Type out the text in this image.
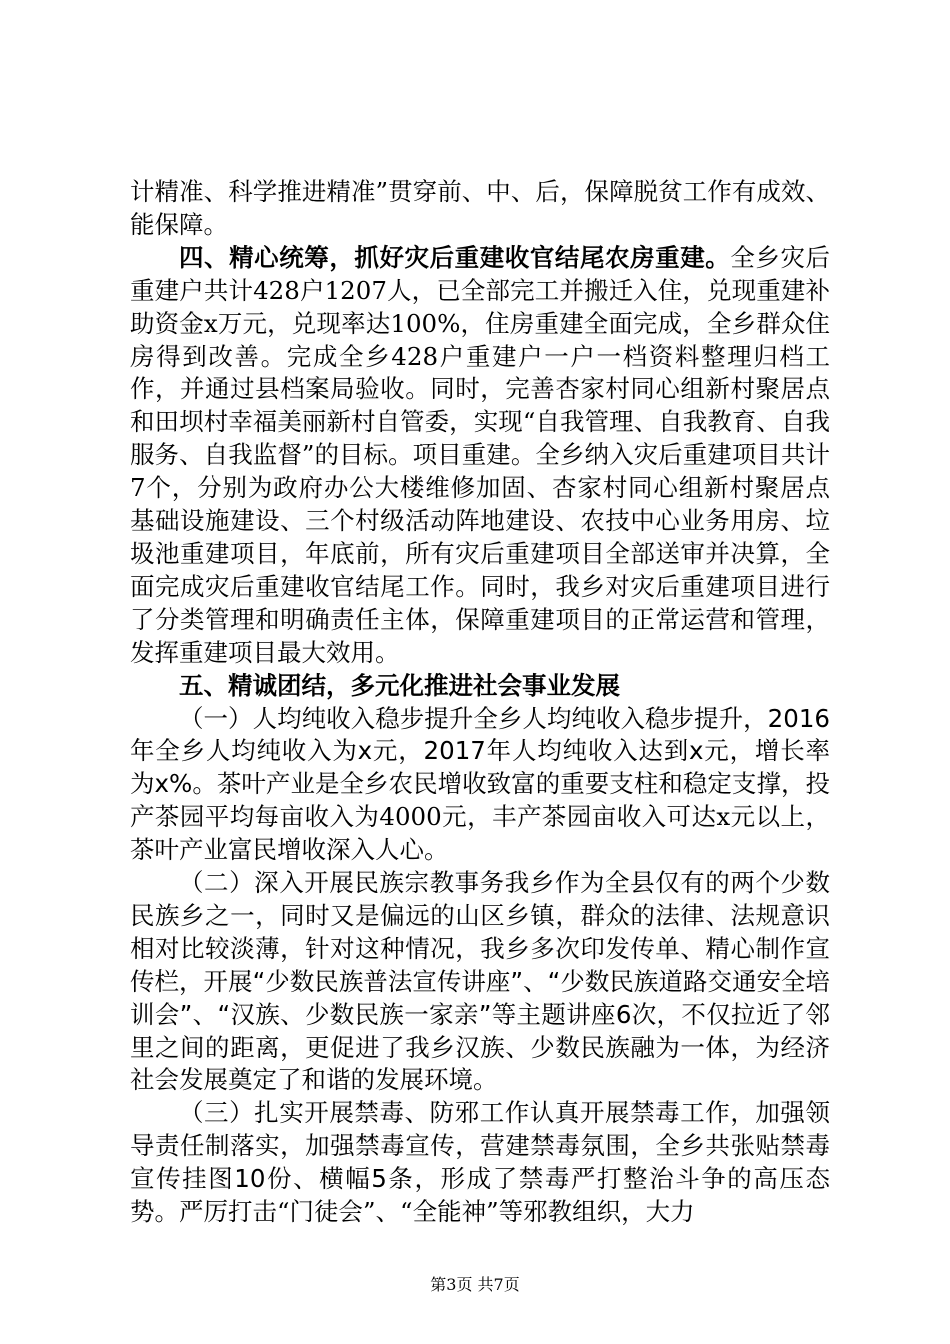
计精准、科学推进精准”贯穿前、中、后，保障脱贫工作有成效、能保障。

四、精心统筹，抓好灾后重建收官结尾农房重建。全乡灾后重建户共计428户1207人，已全部完工并搬迁入住，兑现重建补助资金x万元，兑现率达100%，住房重建全面完成，全乡群众住房得到改善。完成全乡428户重建户一户一档资料整理归档工作，并通过县档案局验收。同时，完善杏家村同心组新村聚居点和田坝村幸福美丽新村自管委，实现“自我管理、自我教育、自我服务、自我监督”的目标。项目重建。全乡纳入灾后重建项目共计7个，分别为政府办公大楼维修加固、杏家村同心组新村聚居点基础设施建设、三个村级活动阵地建设、农技中心业务用房、垃圾池重建项目，年底前，所有灾后重建项目全部送审并决算，全面完成灾后重建收官结尾工作。同时，我乡对灾后重建项目进行了分类管理和明确责任主体，保障重建项目的正常运营和管理，发挥重建项目最大效用。

五、精诚团结，多元化推进社会事业发展

（一）人均纯收入稳步提升全乡人均纯收入稳步提升，2016年全乡人均纯收入为x元，2017年人均纯收入达到x元，增长率为x%。茶叶产业是全乡农民增收致富的重要支柱和稳定支撑，投产茶园平均每亩收入为4000元，丰产茶园亩收入可达x元以上，茶叶产业富民增收深入人心。

（二）深入开展民族宗教事务我乡作为全县仅有的两个少数民族乡之一，同时又是偏远的山区乡镇，群众的法律、法规意识相对比较淡薄，针对这种情况，我乡多次印发传单、精心制作宣传栏，开展“少数民族普法宣传讲座”、“少数民族道路交通安全培训会”、“汉族、少数民族一家亲”等主题讲座6次，不仅拉近了邻里之间的距离，更促进了我乡汉族、少数民族融为一体，为经济社会发展奠定了和谐的发展环境。

（三）扎实开展禁毒、防邪工作认真开展禁毒工作，加强领导责任制落实，加强禁毒宣传，营建禁毒氛围，全乡共张贴禁毒宣传挂图10份、横幅5条，形成了禁毒严打整治斗争的高压态势。严厉打击“门徒会”、“全能神”等邪教组织，大力

第3页 共7页
